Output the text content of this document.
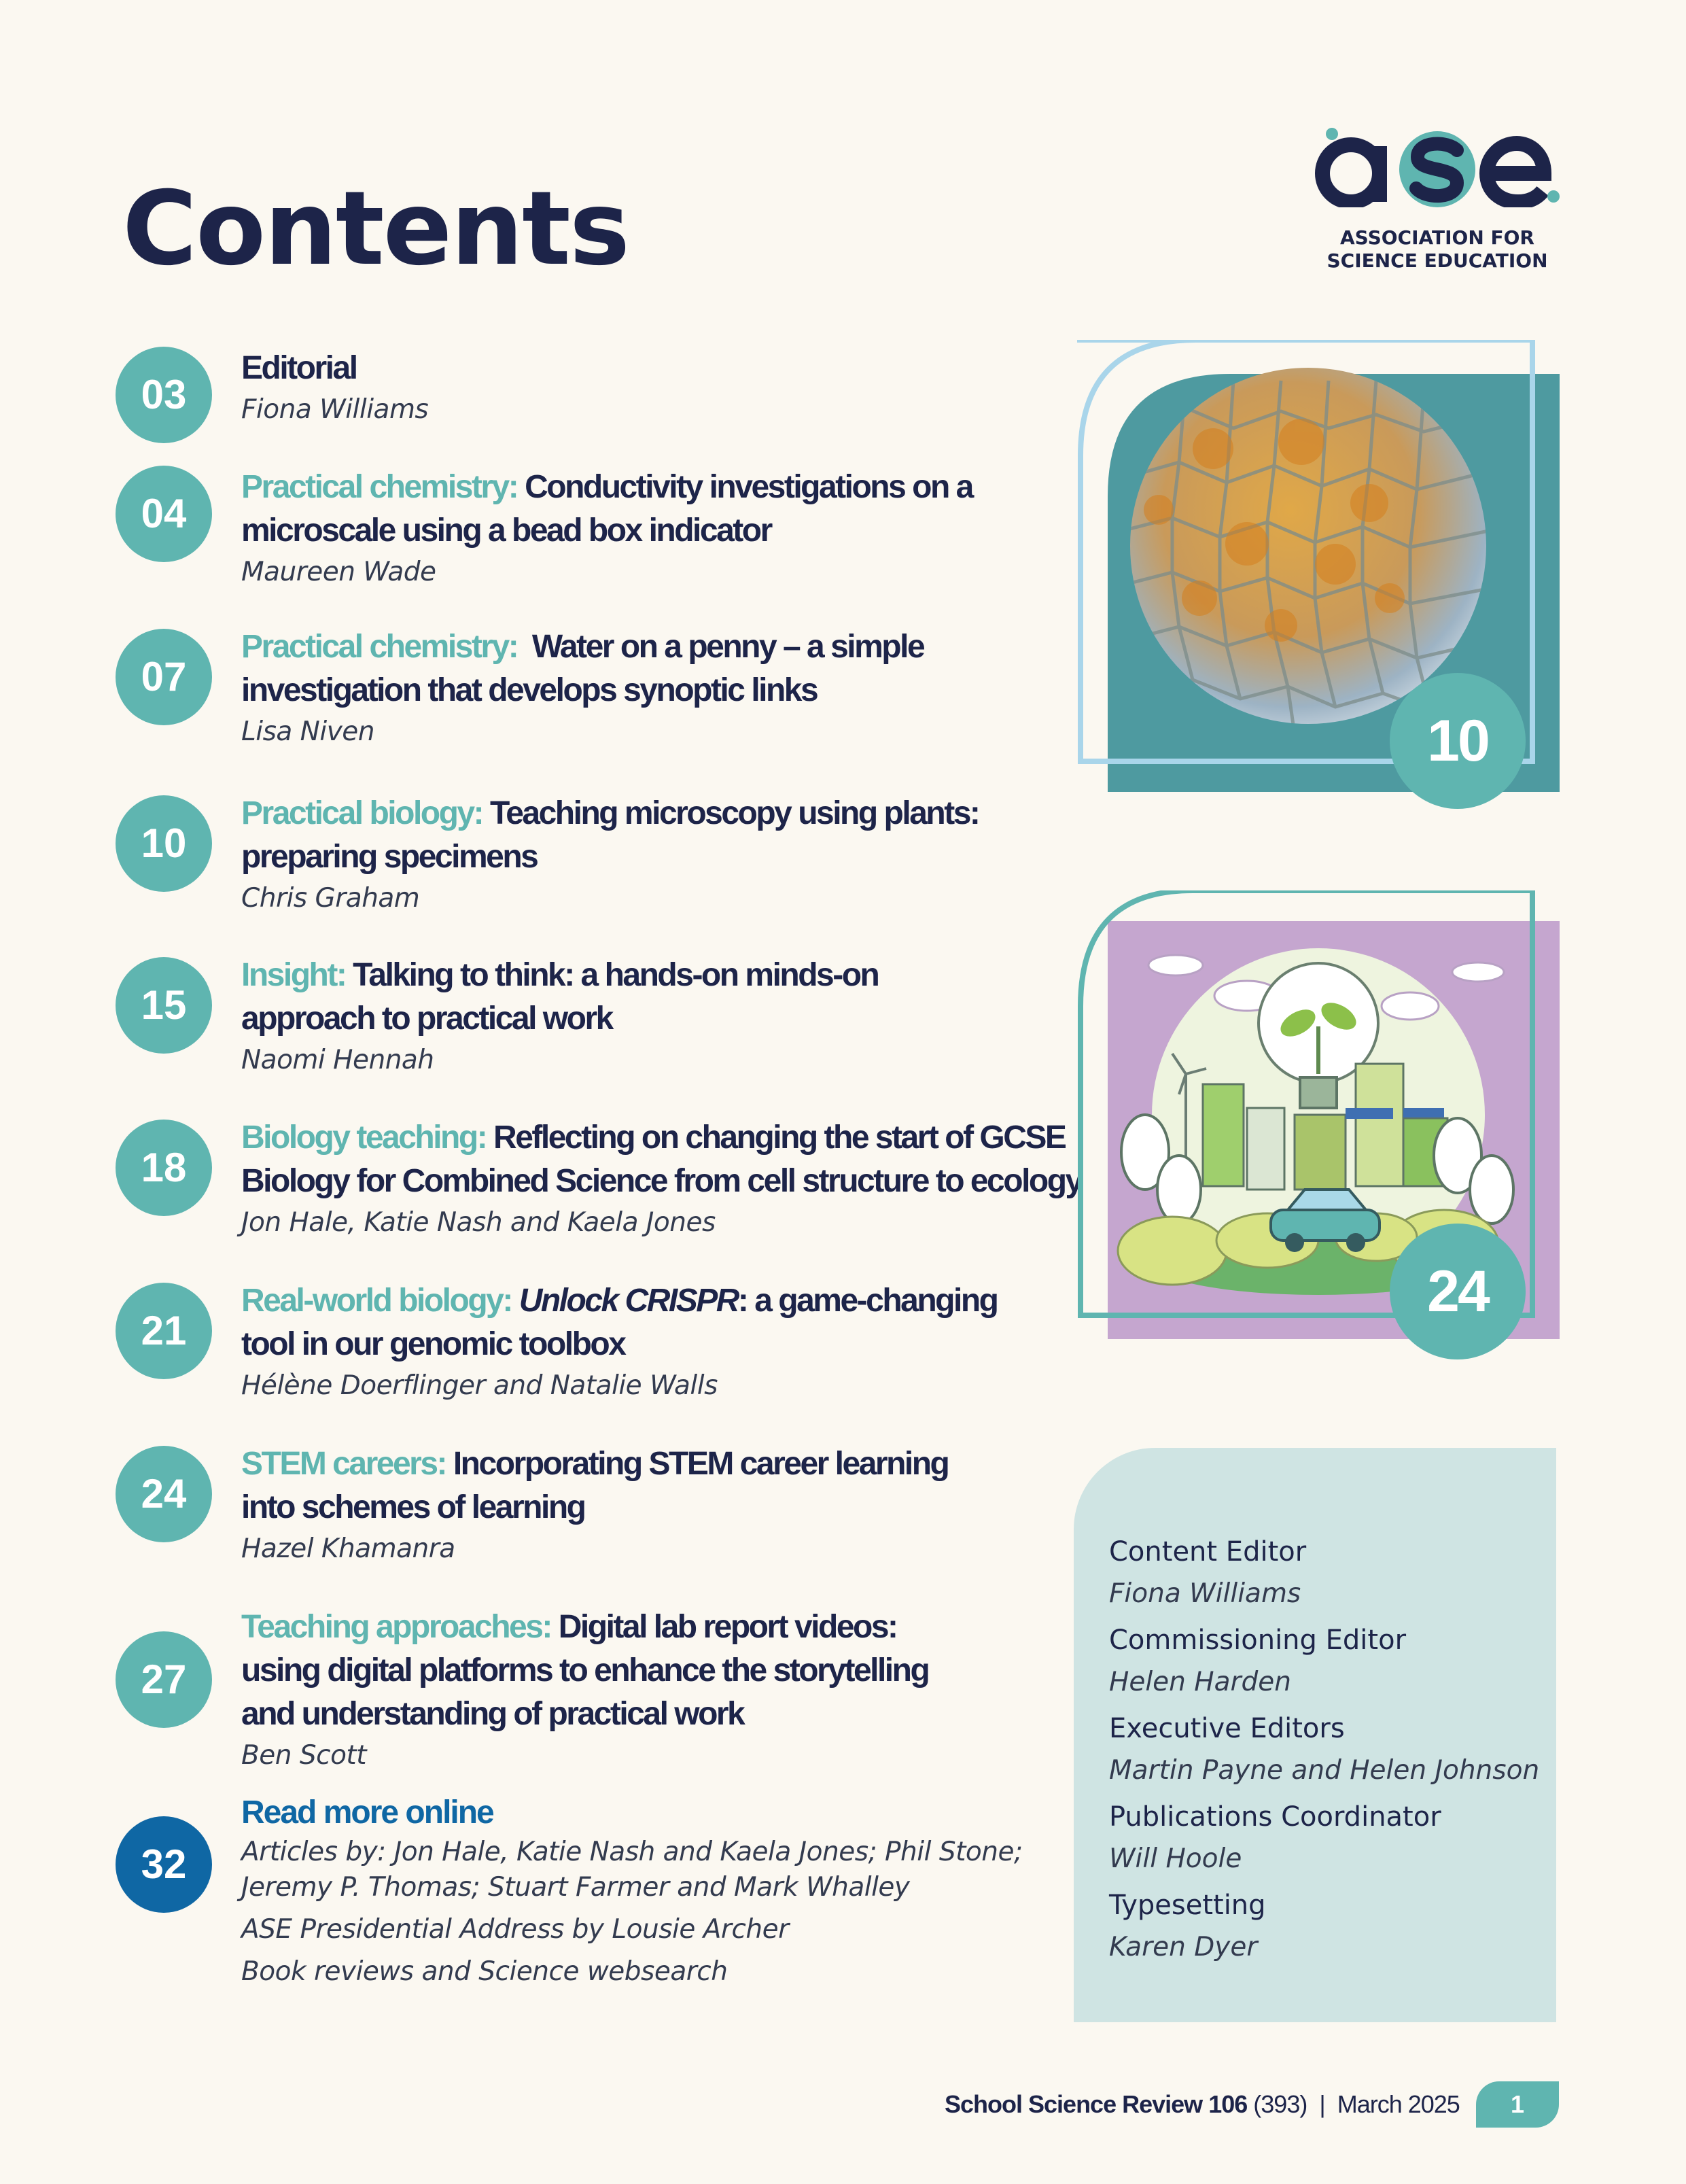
Contents	ASSOCIATION FOR
SCIENCE EDUCATION
03

Editorial

Fiona Williams
04

Practical chemistry: Conductivity investigations on a
microscale using a bead box indicator

Maureen Wade
07

Practical chemistry: Water on a penny – a simple
investigation that develops synoptic links

Lisa Niven
10

Practical biology: Teaching microscopy using plants:
preparing specimens

Chris Graham
15

Insight: Talking to think: a hands-on minds-on
approach to practical work

Naomi Hennah
18

Biology teaching: Reflecting on changing the start of GCSE
Biology for Combined Science from cell structure to ecology

Jon Hale, Katie Nash and Kaela Jones
21

Real-world biology: Unlock CRISPR: a game-changing
tool in our genomic toolbox

Hélène Doerflinger and Natalie Walls
24

STEM careers: Incorporating STEM career learning
into schemes of learning

Hazel Khamanra
27

Teaching approaches: Digital lab report videos:
using digital platforms to enhance the storytelling
and understanding of practical work

Ben Scott
32
Read more online
Articles by: Jon Hale, Katie Nash and Kaela Jones; Phil Stone;
Jeremy P. Thomas; Stuart Farmer and Mark Whalley
ASE Presidential Address by Lousie Archer
Book reviews and Science websearch
10
24
Content Editor
Fiona Williams
Commissioning Editor
Helen Harden
Executive Editors
Martin Payne and Helen Johnson
Publications Coordinator
Will Hoole
Typesetting
Karen Dyer
School Science Review 106 (393) | March 2025	1
